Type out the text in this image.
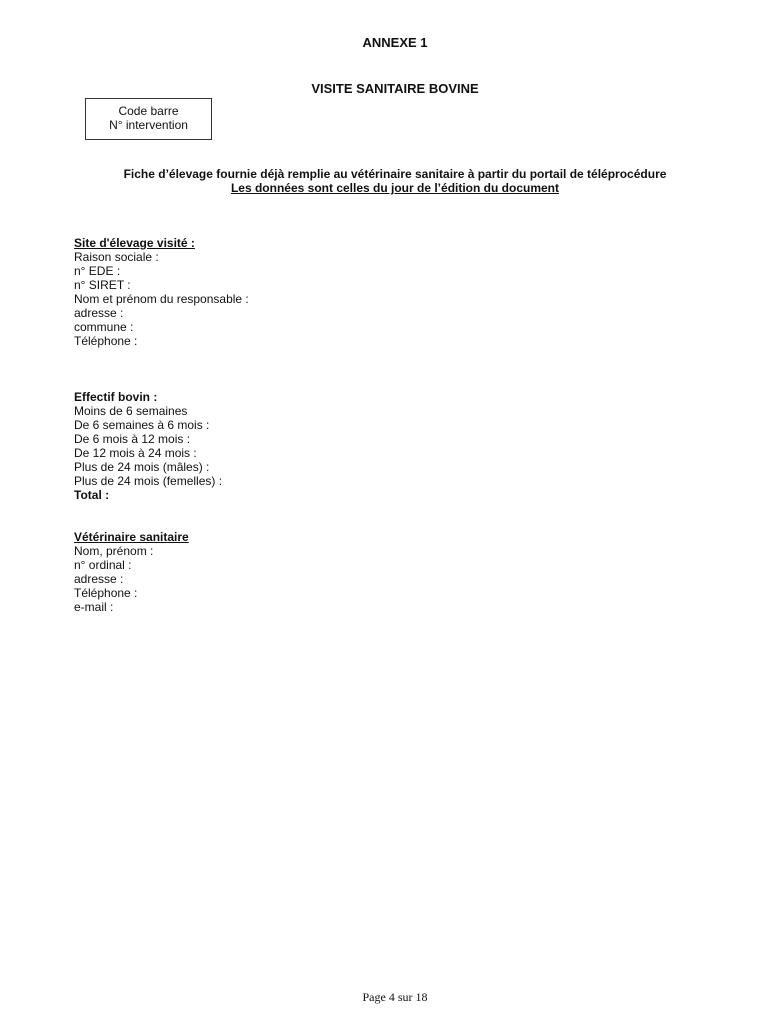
ANNEXE 1
VISITE SANITAIRE BOVINE
Code barre
N° intervention
Fiche d’élevage fournie déjà remplie au vétérinaire sanitaire à partir du portail de téléprocédure
Les données sont celles du jour de l’édition du document
Site d'élevage visité :
Raison sociale :
n° EDE :
n° SIRET :
Nom et prénom du responsable :
adresse :
commune :
Téléphone :
Effectif bovin :
Moins de 6 semaines
De 6 semaines à 6 mois :
De 6 mois à 12 mois :
De 12 mois à 24 mois :
Plus de 24 mois (mâles) :
Plus de 24 mois (femelles) :
Total :
Vétérinaire sanitaire
Nom, prénom :
n° ordinal :
adresse :
Téléphone :
e-mail :
Page 4 sur 18
